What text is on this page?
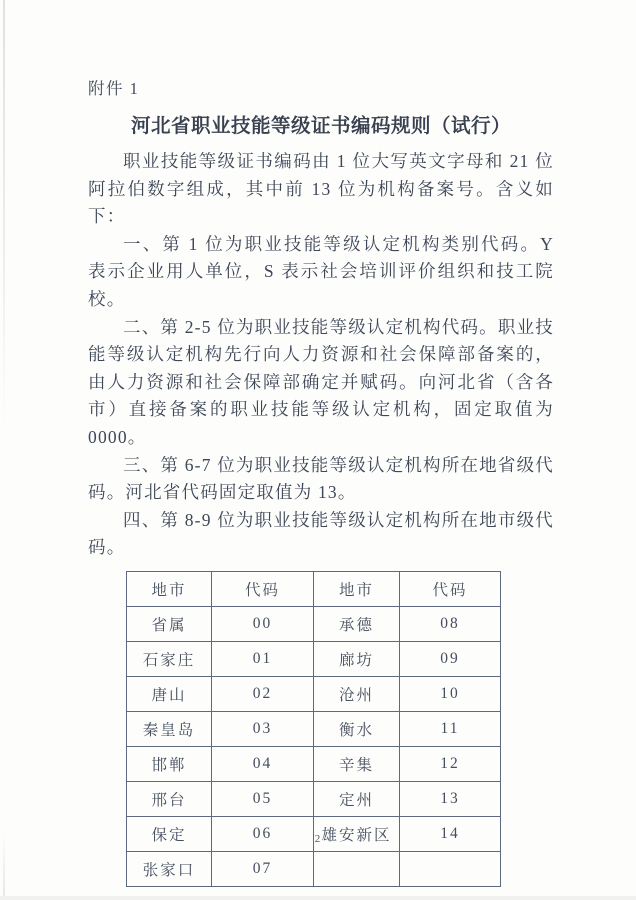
附件 1
河北省职业技能等级证书编码规则（试行）

职业技能等级证书编码由 1 位大写英文字母和 21 位阿拉伯数字组成，其中前 13 位为机构备案号。含义如下：

一、第 1 位为职业技能等级认定机构类别代码。Y 表示企业用人单位，S 表示社会培训评价组织和技工院校。

二、第 2-5 位为职业技能等级认定机构代码。职业技能等级认定机构先行向人力资源和社会保障部备案的，由人力资源和社会保障部确定并赋码。向河北省（含各市）直接备案的职业技能等级认定机构，固定取值为 0000。

三、第 6-7 位为职业技能等级认定机构所在地省级代码。河北省代码固定取值为 13。

四、第 8-9 位为职业技能等级认定机构所在地市级代码。

地市	代码	地市	代码
省属	00	承德	08
石家庄	01	廊坊	09
唐山	02	沧州	10
秦皇岛	03	衡水	11
邯郸	04	辛集	12
邢台	05	定州	13
保定	06	雄安新区	14
张家口	07		
2
